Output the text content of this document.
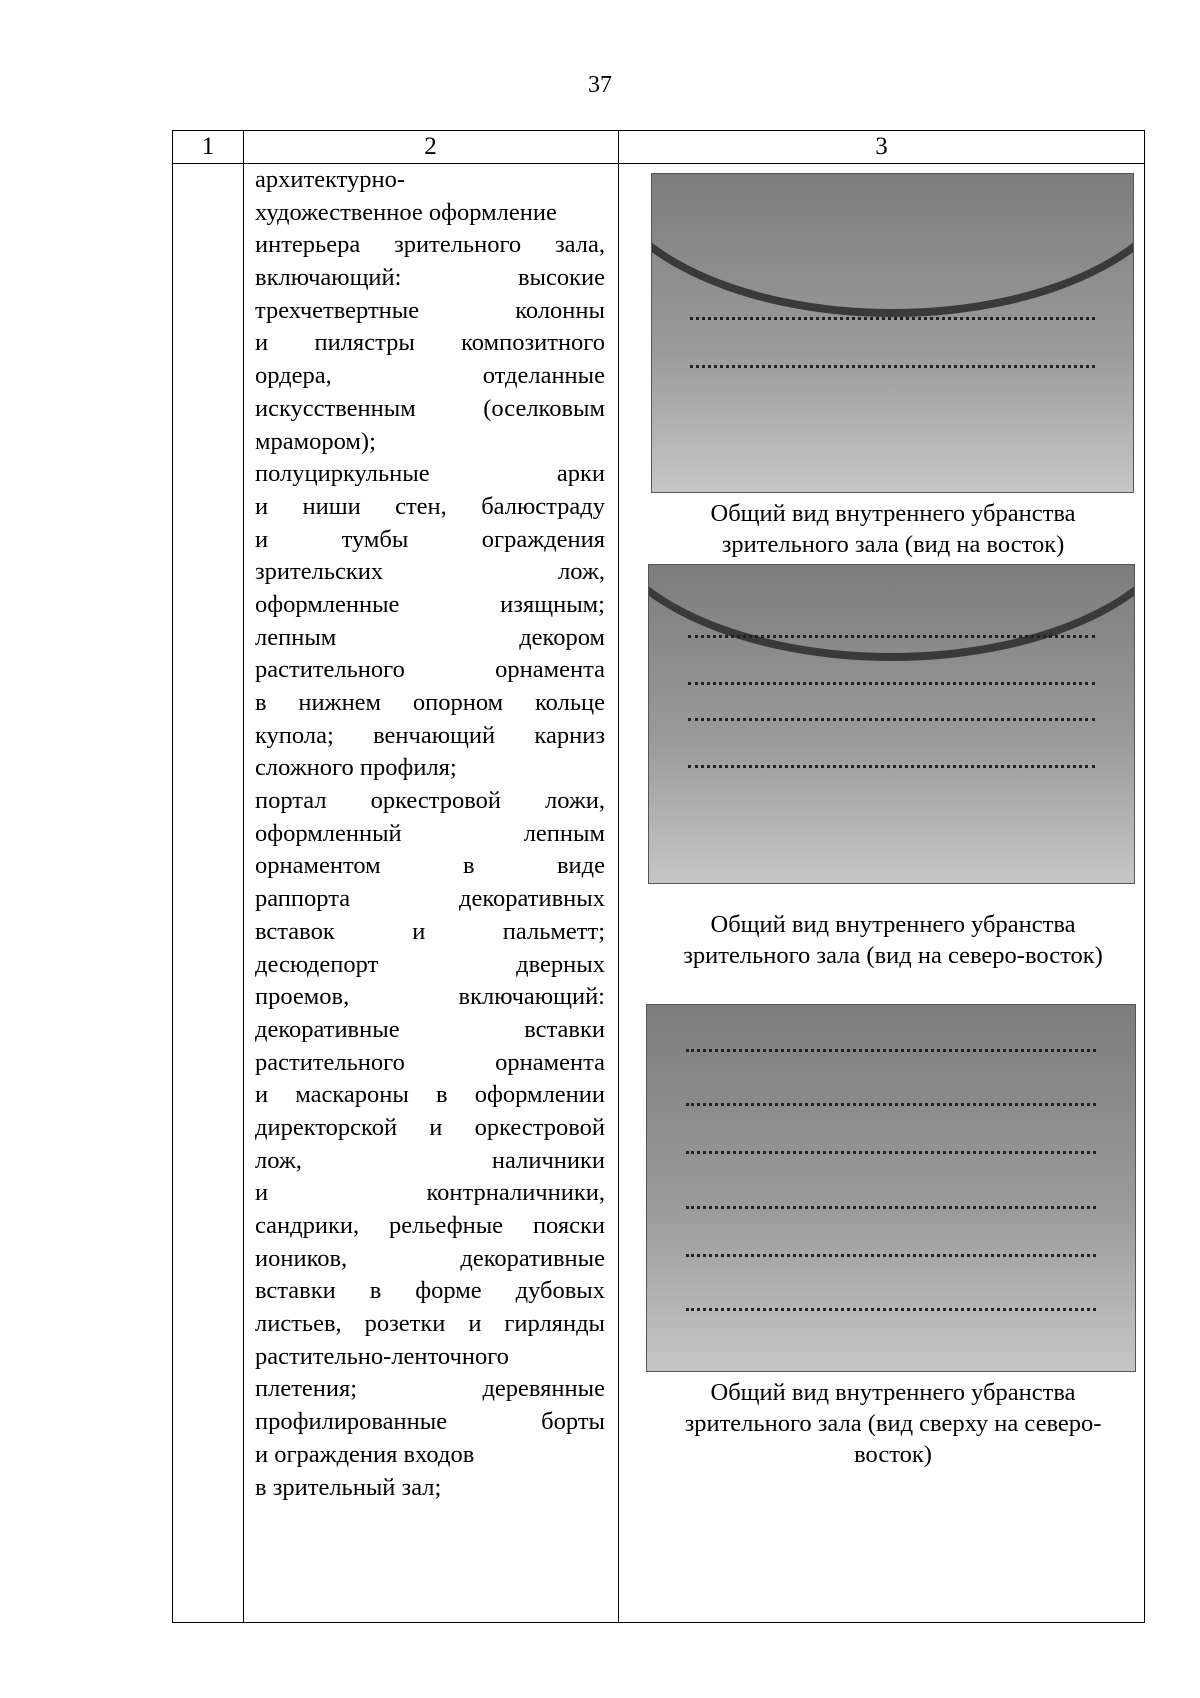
37
1	2	3
архитектурно-
художественное оформление
интерьера зрительного зала,
включающий: высокие
трехчетвертные колонны
и пилястры композитного
ордера, отделанные
искусственным (оселковым
мрамором);
полуциркульные арки
и ниши стен, балюстраду
и тумбы ограждения
зрительских лож,
оформленные изящным;
лепным декором
растительного орнамента
в нижнем опорном кольце
купола; венчающий карниз
сложного профиля;
портал оркестровой ложи,
оформленный лепным
орнаментом в виде
раппорта декоративных
вставок и пальметт;
десюдепорт дверных
проемов, включающий:
декоративные вставки
растительного орнамента
и маскароны в оформлении
директорской и оркестровой
лож, наличники
и контрналичники,
сандрики, рельефные пояски
иоников, декоративные
вставки в форме дубовых
листьев, розетки и гирлянды
растительно-ленточного
плетения; деревянные
профилированные борты
и ограждения входов
в зрительный зал;
Общий вид внутреннего убранства
зрительного зала (вид на восток)
Общий вид внутреннего убранства
зрительного зала (вид на северо-восток)
Общий вид внутреннего убранства
зрительного зала (вид сверху на северо-
восток)
